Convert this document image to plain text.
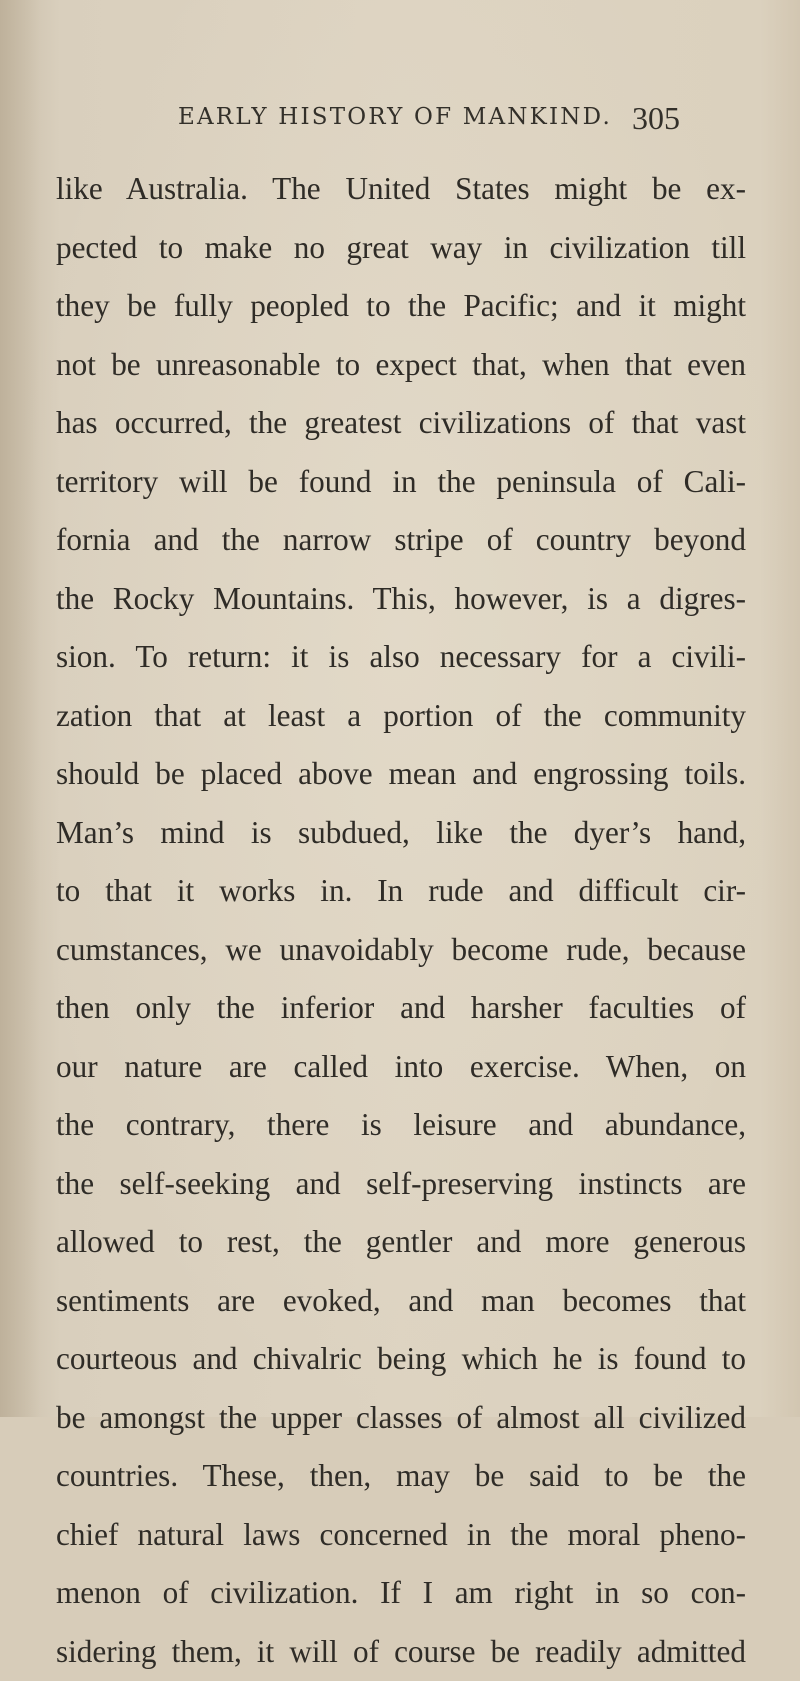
EARLY HISTORY OF MANKIND. 305
like Australia. The United States might be ex-
pected to make no great way in civilization till
they be fully peopled to the Pacific; and it might
not be unreasonable to expect that, when that even
has occurred, the greatest civilizations of that vast
territory will be found in the peninsula of Cali-
fornia and the narrow stripe of country beyond
the Rocky Mountains. This, however, is a digres-
sion. To return: it is also necessary for a civili-
zation that at least a portion of the community
should be placed above mean and engrossing toils.
Man’s mind is subdued, like the dyer’s hand,
to that it works in. In rude and difficult cir-
cumstances, we unavoidably become rude, because
then only the inferior and harsher faculties of
our nature are called into exercise. When, on
the contrary, there is leisure and abundance,
the self-seeking and self-preserving instincts are
allowed to rest, the gentler and more generous
sentiments are evoked, and man becomes that
courteous and chivalric being which he is found to
be amongst the upper classes of almost all civilized
countries. These, then, may be said to be the
chief natural laws concerned in the moral pheno-
menon of civilization. If I am right in so con-
sidering them, it will of course be readily admitted
